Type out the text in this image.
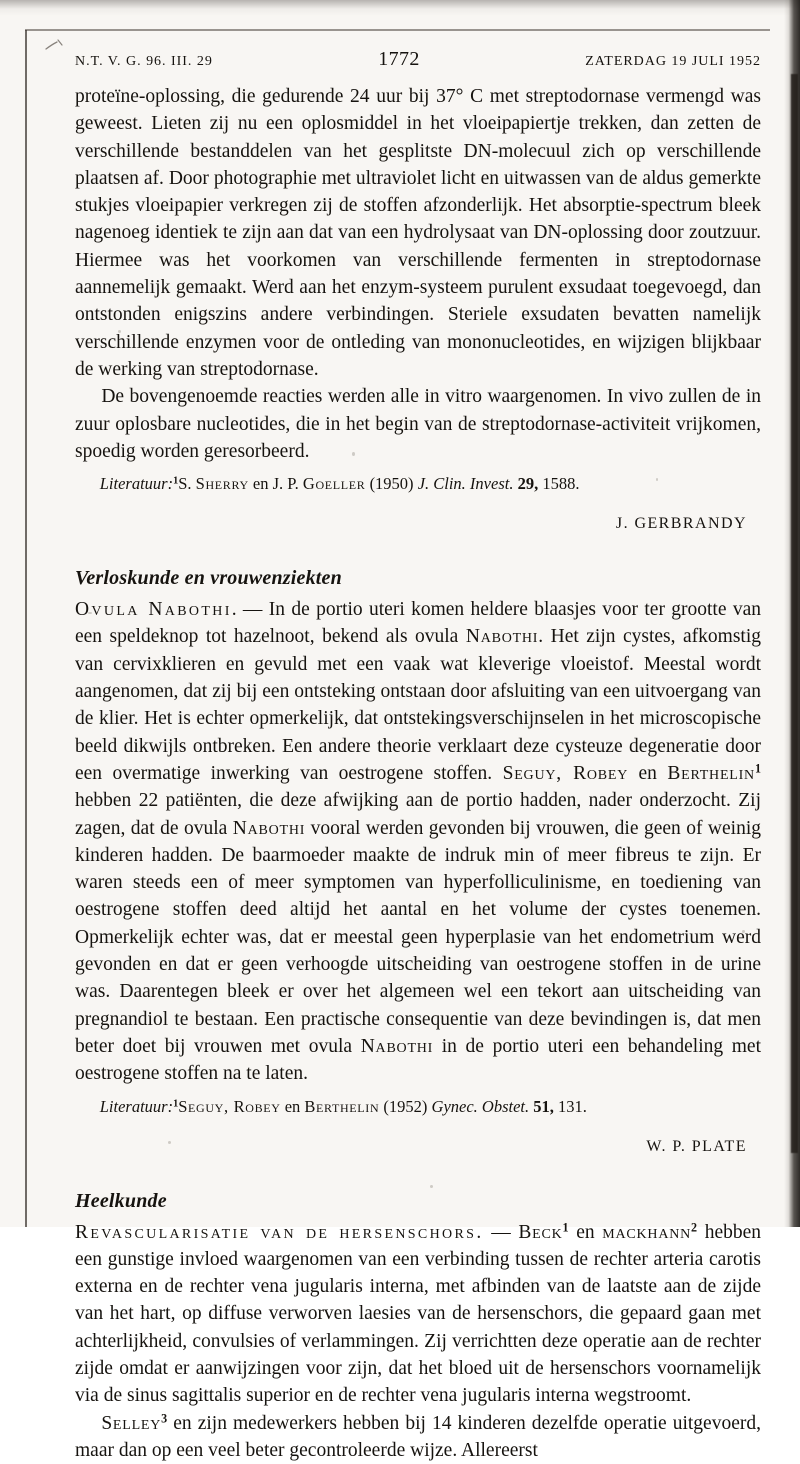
N.T. V. G. 96. III. 29	1772	ZATERDAG 19 JULI 1952

proteïne-oplossing, die gedurende 24 uur bij 37° C met streptodornase vermengd was geweest. Lieten zij nu een oplosmiddel in het vloeipapiertje trekken, dan zetten de verschillende bestanddelen van het gesplitste DN-molecuul zich op verschillende plaatsen af. Door photographie met ultraviolet licht en uitwassen van de aldus gemerkte stukjes vloeipapier verkregen zij de stoffen afzonderlijk. Het absorptie-spectrum bleek nagenoeg identiek te zijn aan dat van een hydrolysaat van DN-oplossing door zoutzuur. Hiermee was het voorkomen van verschillende fermenten in streptodornase aannemelijk gemaakt. Werd aan het enzym-systeem purulent exsudaat toegevoegd, dan ontstonden enigszins andere verbindingen. Steriele exsudaten bevatten namelijk verschillende enzymen voor de ontleding van mononucleotides, en wijzigen blijkbaar de werking van streptodornase.

De bovengenoemde reacties werden alle in vitro waargenomen. In vivo zullen de in zuur oplosbare nucleotides, die in het begin van de streptodornase-activiteit vrijkomen, spoedig worden geresorbeerd.

Literatuur:$^1$S. Sherry en J. P. Goeller (1950) J. Clin. Invest. 29, 1588.

J. GERBRANDY

Verloskunde en vrouwenziekten

Ovula Nabothi. — In de portio uteri komen heldere blaasjes voor ter grootte van een speldeknop tot hazelnoot, bekend als ovula Nabothi. Het zijn cystes, afkomstig van cervixklieren en gevuld met een vaak wat kleverige vloeistof. Meestal wordt aangenomen, dat zij bij een ontsteking ontstaan door afsluiting van een uitvoergang van de klier. Het is echter opmerkelijk, dat ontstekingsverschijnselen in het microscopische beeld dikwijls ontbreken. Een andere theorie verklaart deze cysteuze degeneratie door een overmatige inwerking van oestrogene stoffen. Seguy, Robey en Berthelin$^1$ hebben 22 patiënten, die deze afwijking aan de portio hadden, nader onderzocht. Zij zagen, dat de ovula Nabothi vooral werden gevonden bij vrouwen, die geen of weinig kinderen hadden. De baarmoeder maakte de indruk min of meer fibreus te zijn. Er waren steeds een of meer symptomen van hyperfolliculinisme, en toediening van oestrogene stoffen deed altijd het aantal en het volume der cystes toenemen. Opmerkelijk echter was, dat er meestal geen hyperplasie van het endometrium werd gevonden en dat er geen verhoogde uitscheiding van oestrogene stoffen in de urine was. Daarentegen bleek er over het algemeen wel een tekort aan uitscheiding van pregnandiol te bestaan. Een practische consequentie van deze bevindingen is, dat men beter doet bij vrouwen met ovula Nabothi in de portio uteri een behandeling met oestrogene stoffen na te laten.

Literatuur:$^1$Seguy, Robey en Berthelin (1952) Gynec. Obstet. 51, 131.

W. P. PLATE

Heelkunde

Revascularisatie van de hersenschors. — Beck$^1$ en mackhann$^2$ hebben een gunstige invloed waargenomen van een verbinding tussen de rechter arteria carotis externa en de rechter vena jugularis interna, met afbinden van de laatste aan de zijde van het hart, op diffuse verworven laesies van de hersenschors, die gepaard gaan met achterlijkheid, convulsies of verlammingen. Zij verrichtten deze operatie aan de rechter zijde omdat er aanwijzingen voor zijn, dat het bloed uit de hersenschors voornamelijk via de sinus sagittalis superior en de rechter vena jugularis interna wegstroomt.

Selley$^3$ en zijn medewerkers hebben bij 14 kinderen dezelfde operatie uitgevoerd, maar dan op een veel beter gecontroleerde wijze. Allereerst
